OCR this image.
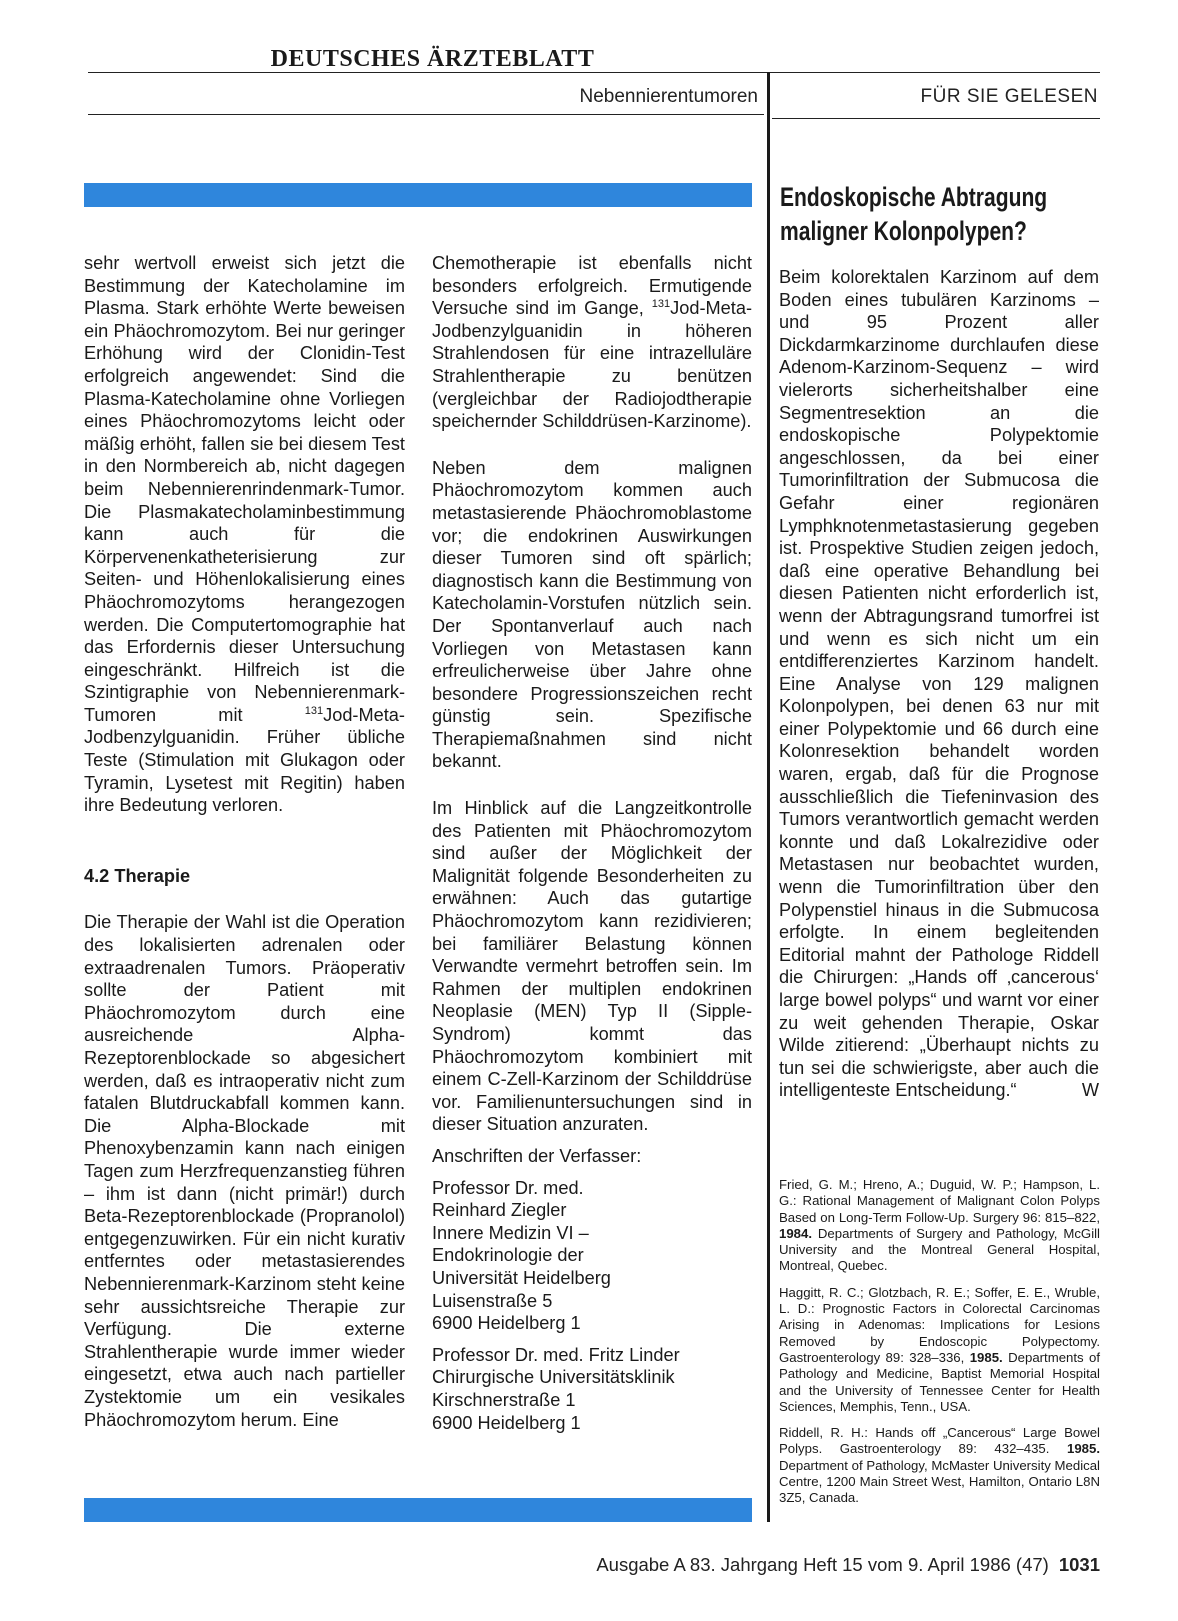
DEUTSCHES ÄRZTEBLATT
Nebennierentumoren	FÜR SIE GELESEN

sehr wertvoll erweist sich jetzt die Bestimmung der Katecholamine im Plasma. Stark erhöhte Werte beweisen ein Phäochromozytom. Bei nur geringer Erhöhung wird der Clonidin-Test erfolgreich angewendet: Sind die Plasma-Katecholamine ohne Vorliegen eines Phäochromozytoms leicht oder mäßig erhöht, fallen sie bei diesem Test in den Normbereich ab, nicht dagegen beim Nebennierenrindenmark-Tumor. Die Plasmakatecholaminbestimmung kann auch für die Körpervenenkatheterisierung zur Seiten- und Höhenlokalisierung eines Phäochromozytoms herangezogen werden. Die Computertomographie hat das Erfordernis dieser Untersuchung eingeschränkt. Hilfreich ist die Szintigraphie von Nebennierenmark-Tumoren mit	$^{131}$Jod-Meta-Jodbenzylguanidin. Früher übliche Teste (Stimulation mit Glukagon oder Tyramin, Lysetest mit Regitin) haben ihre Bedeutung verloren.

4.2 Therapie

Die Therapie der Wahl ist die Operation des lokalisierten adrenalen oder extraadrenalen Tumors. Präoperativ sollte der Patient mit Phäochromozytom durch eine ausreichende Alpha-Rezeptorenblockade so abgesichert werden, daß es intraoperativ nicht zum fatalen Blutdruckabfall kommen kann. Die Alpha-Blockade mit Phenoxybenzamin kann nach einigen Tagen zum Herzfrequenzanstieg führen – ihm ist dann (nicht primär!) durch Beta-Rezeptorenblockade (Propranolol) entgegenzuwirken. Für ein nicht kurativ entferntes oder metastasierendes Nebennierenmark-Karzinom steht keine sehr aussichtsreiche Therapie zur Verfügung. Die externe Strahlentherapie wurde immer wieder eingesetzt, etwa auch nach partieller Zystektomie um ein vesikales Phäochromozytom herum. Eine

Chemotherapie ist ebenfalls nicht besonders erfolgreich. Ermutigende Versuche sind im Gange, $^{131}$Jod-Meta-Jodbenzylguanidin in höheren Strahlendosen für eine intrazelluläre Strahlentherapie zu benützen (vergleichbar der Radiojodtherapie speichernder Schilddrüsen-Karzinome).

Neben dem malignen Phäochromozytom kommen auch metastasierende Phäochromoblastome vor; die endokrinen Auswirkungen dieser Tumoren sind oft spärlich; diagnostisch kann die Bestimmung von Katecholamin-Vorstufen nützlich sein. Der Spontanverlauf auch nach Vorliegen von Metastasen kann erfreulicherweise über Jahre ohne besondere Progressionszeichen recht günstig sein. Spezifische Therapiemaßnahmen sind nicht bekannt.

Im Hinblick auf die Langzeitkontrolle des Patienten mit Phäochromozytom sind außer der Möglichkeit der Malignität folgende Besonderheiten zu erwähnen: Auch das gutartige Phäochromozytom kann rezidivieren; bei familiärer Belastung können Verwandte vermehrt betroffen sein. Im Rahmen der multiplen endokrinen Neoplasie (MEN) Typ II (Sipple-Syndrom) kommt das Phäochromozytom kombiniert mit einem C-Zell-Karzinom der Schilddrüse vor. Familienuntersuchungen sind in dieser Situation anzuraten.

Anschriften der Verfasser:

Professor Dr. med.
Reinhard Ziegler
Innere Medizin VI –
Endokrinologie der
Universität Heidelberg
Luisenstraße 5
6900 Heidelberg 1
Professor Dr. med. Fritz Linder
Chirurgische Universitätsklinik
Kirschnerstraße 1
6900 Heidelberg 1
Endoskopische Abtragung maligner Kolonpolypen?

Beim kolorektalen Karzinom auf dem Boden eines tubulären Karzinoms – und 95 Prozent aller Dickdarmkarzinome durchlaufen diese Adenom-Karzinom-Sequenz – wird vielerorts sicherheitshalber eine Segmentresektion an die endoskopische Polypektomie angeschlossen, da bei einer Tumorinfiltration der Submucosa die Gefahr einer regionären Lymphknotenmetastasierung gegeben ist. Prospektive Studien zeigen jedoch, daß eine operative Behandlung bei diesen Patienten nicht erforderlich ist, wenn der Abtragungsrand tumorfrei ist und wenn es sich nicht um ein entdifferenziertes Karzinom handelt. Eine Analyse von 129 malignen Kolonpolypen, bei denen 63 nur mit einer Polypektomie und 66 durch eine Kolonresektion behandelt worden waren, ergab, daß für die Prognose ausschließlich die Tiefeninvasion des Tumors verantwortlich gemacht werden konnte und daß Lokalrezidive oder Metastasen nur beobachtet wurden, wenn die Tumorinfiltration über den Polypenstiel hinaus in die Submucosa erfolgte. In einem begleitenden Editorial mahnt der Pathologe Riddell die Chirurgen: „Hands off ‚cancerous‘ large bowel polyps“ und warnt vor einer zu weit gehenden Therapie, Oskar Wilde zitierend: „Überhaupt nichts zu tun sei die schwierigste, aber auch die intelligenteste Entscheidung.“	W

Fried, G. M.; Hreno, A.; Duguid, W. P.; Hampson, L. G.: Rational Management of Malignant Colon Polyps Based on Long-Term Follow-Up. Surgery 96: 815–822, 1984. Departments of Surgery and Pathology, McGill University and the Montreal General Hospital, Montreal, Quebec.

Haggitt, R. C.; Glotzbach, R. E.; Soffer, E. E., Wruble, L. D.: Prognostic Factors in Colorectal Carcinomas Arising in Adenomas: Implications for Lesions Removed by Endoscopic Polypectomy. Gastroenterology 89: 328–336, 1985. Departments of Pathology and Medicine, Baptist Memorial Hospital and the University of Tennessee Center for Health Sciences, Memphis, Tenn., USA.

Riddell, R. H.: Hands off „Cancerous“ Large Bowel Polyps. Gastroenterology 89: 432–435. 1985. Department of Pathology, McMaster University Medical Centre, 1200 Main Street West, Hamilton, Ontario L8N 3Z5, Canada.

Ausgabe A 83. Jahrgang Heft 15 vom 9. April 1986 (47) 1031
